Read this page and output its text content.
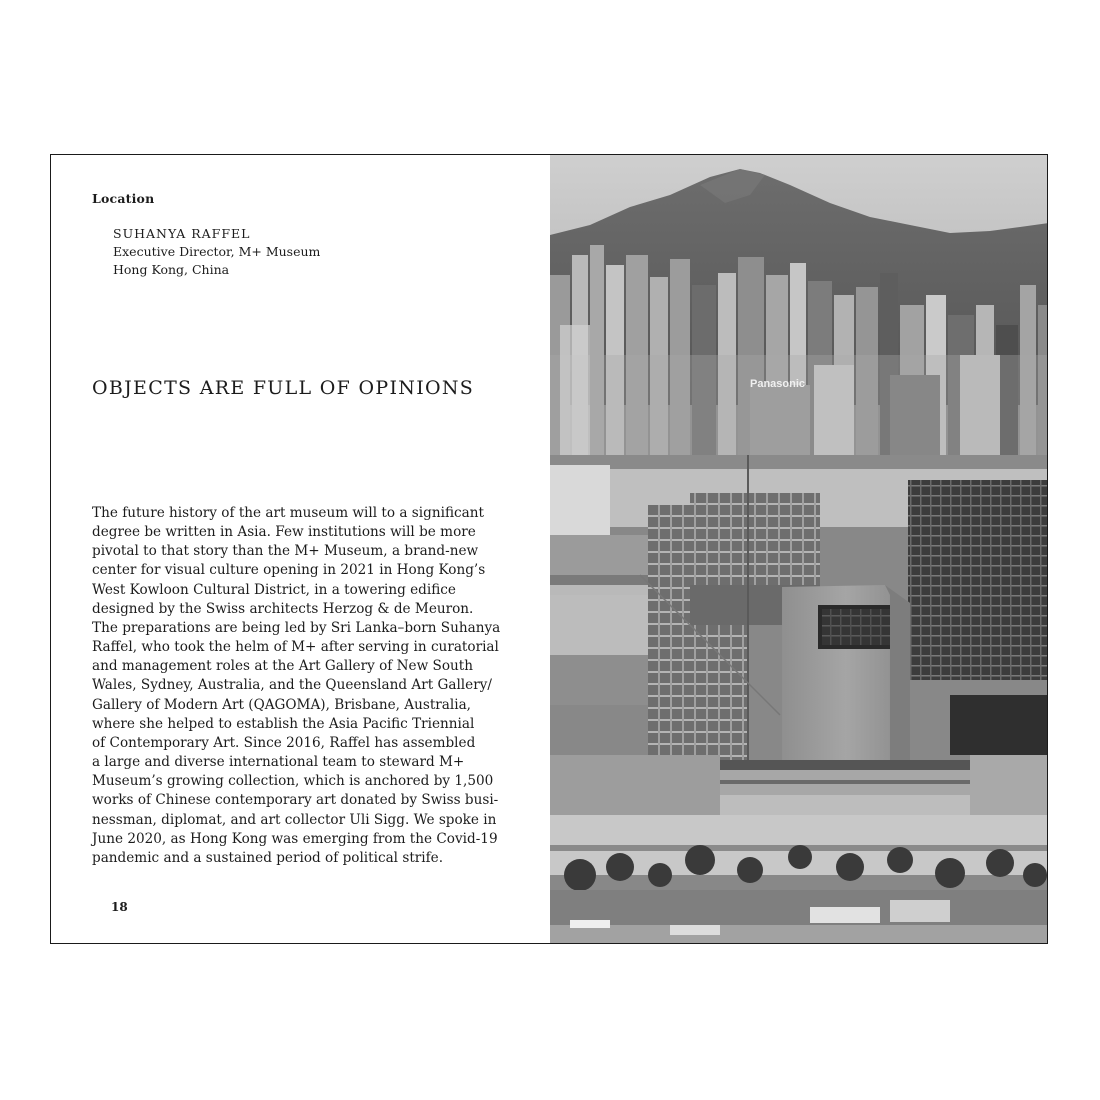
Location

SUHANYA RAFFEL
Executive Director, M+ Museum
Hong Kong, China
OBJECTS ARE FULL OF OPINIONS
The future history of the art museum will to a significant
degree be written in Asia. Few institutions will be more
pivotal to that story than the M+ Museum, a brand-new
center for visual culture opening in 2021 in Hong Kong’s
West Kowloon Cultural District, in a towering edifice
designed by the Swiss architects Herzog & de Meuron.
The preparations are being led by Sri Lanka–born Suhanya
Raffel, who took the helm of M+ after serving in curatorial
and management roles at the Art Gallery of New South
Wales, Sydney, Australia, and the Queensland Art Gallery/
Gallery of Modern Art (QAGOMA), Brisbane, Australia,
where she helped to establish the Asia Pacific Triennial
of Contemporary Art. Since 2016, Raffel has assembled
a large and diverse international team to steward M+
Museum’s growing collection, which is anchored by 1,500
works of Chinese contemporary art donated by Swiss busi-
nessman, diplomat, and art collector Uli Sigg. We spoke in
June 2020, as Hong Kong was emerging from the Covid-19
pandemic and a sustained period of political strife.
18
Panasonic
